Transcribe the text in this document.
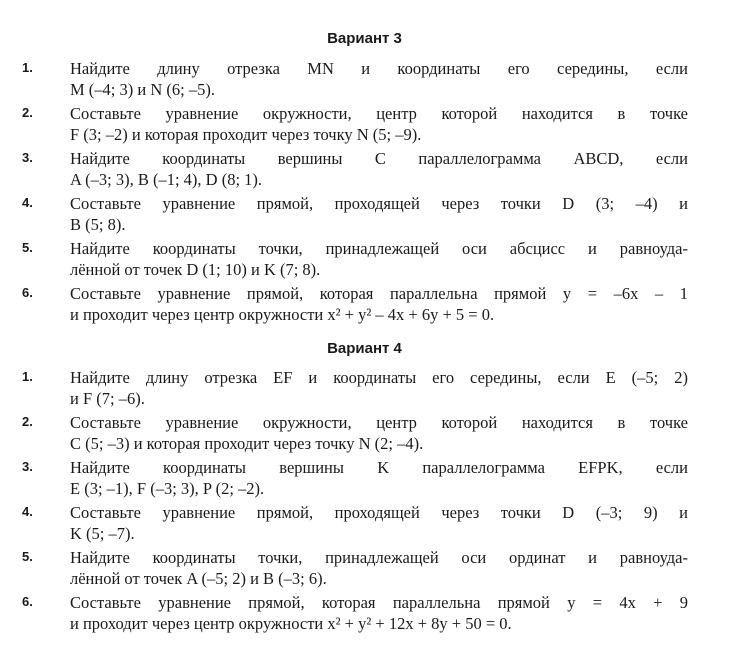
Вариант 3
1. Найдите длину отрезка MN и координаты его середины, если
M (–4; 3) и N (6; –5).
2. Составьте уравнение окружности, центр которой находится в точке
F (3; –2) и которая проходит через точку N (5; –9).
3. Найдите координаты вершины C параллелограмма ABCD, если
A (–3; 3), B (–1; 4), D (8; 1).
4. Составьте уравнение прямой, проходящей через точки D (3; –4) и
B (5; 8).
5. Найдите координаты точки, принадлежащей оси абсцисс и равноуда-
лённой от точек D (1; 10) и K (7; 8).
6. Составьте уравнение прямой, которая параллельна прямой y = –6x – 1
и проходит через центр окружности x² + y² – 4x + 6y + 5 = 0.
Вариант 4
1. Найдите длину отрезка EF и координаты его середины, если E (–5; 2)
и F (7; –6).
2. Составьте уравнение окружности, центр которой находится в точке
C (5; –3) и которая проходит через точку N (2; –4).
3. Найдите координаты вершины K параллелограмма EFPK, если
E (3; –1), F (–3; 3), P (2; –2).
4. Составьте уравнение прямой, проходящей через точки D (–3; 9) и
K (5; –7).
5. Найдите координаты точки, принадлежащей оси ординат и равноуда-
лённой от точек A (–5; 2) и B (–3; 6).
6. Составьте уравнение прямой, которая параллельна прямой y = 4x + 9
и проходит через центр окружности x² + y² + 12x + 8y + 50 = 0.
